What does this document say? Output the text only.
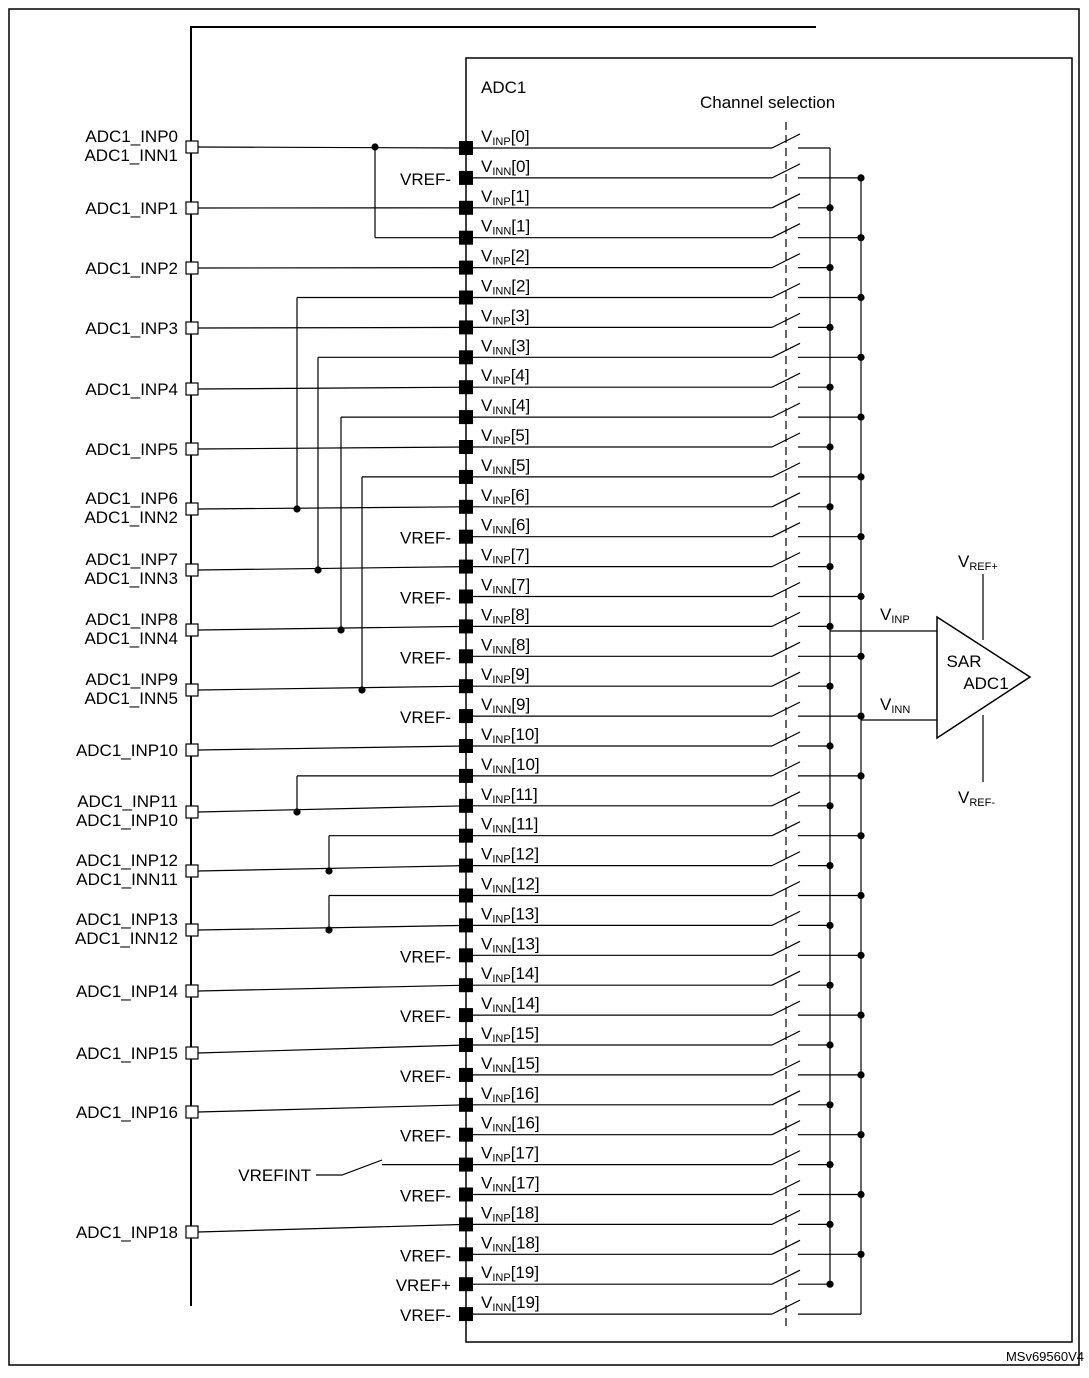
ADC1
Channel selection
SAR
ADC1
VREF+
VREF-
VINP
VINN
ADC1_INP0
ADC1_INN1
ADC1_INP1
ADC1_INP2
ADC1_INP3
ADC1_INP4
ADC1_INP5
ADC1_INP6
ADC1_INN2
ADC1_INP7
ADC1_INN3
ADC1_INP8
ADC1_INN4
ADC1_INP9
ADC1_INN5
ADC1_INP10
ADC1_INP11
ADC1_INP10
ADC1_INP12
ADC1_INN11
ADC1_INP13
ADC1_INN12
ADC1_INP14
ADC1_INP15
ADC1_INP16
ADC1_INP18
VREF-
VREF-
VREF-
VREF-
VREF-
VREF-
VREF-
VREF-
VREF-
VREF-
VREF-
VREF-
VREF+
VREFINT
VINP[0]
VINN[0]
VINP[1]
VINN[1]
VINP[2]
VINN[2]
VINP[3]
VINN[3]
VINP[4]
VINN[4]
VINP[5]
VINN[5]
VINP[6]
VINN[6]
VINP[7]
VINN[7]
VINP[8]
VINN[8]
VINP[9]
VINN[9]
VINP[10]
VINN[10]
VINP[11]
VINN[11]
VINP[12]
VINN[12]
VINP[13]
VINN[13]
VINP[14]
VINN[14]
VINP[15]
VINN[15]
VINP[16]
VINN[16]
VINP[17]
VINN[17]
VINP[18]
VINN[18]
VINP[19]
VINN[19]
MSv69560V4
